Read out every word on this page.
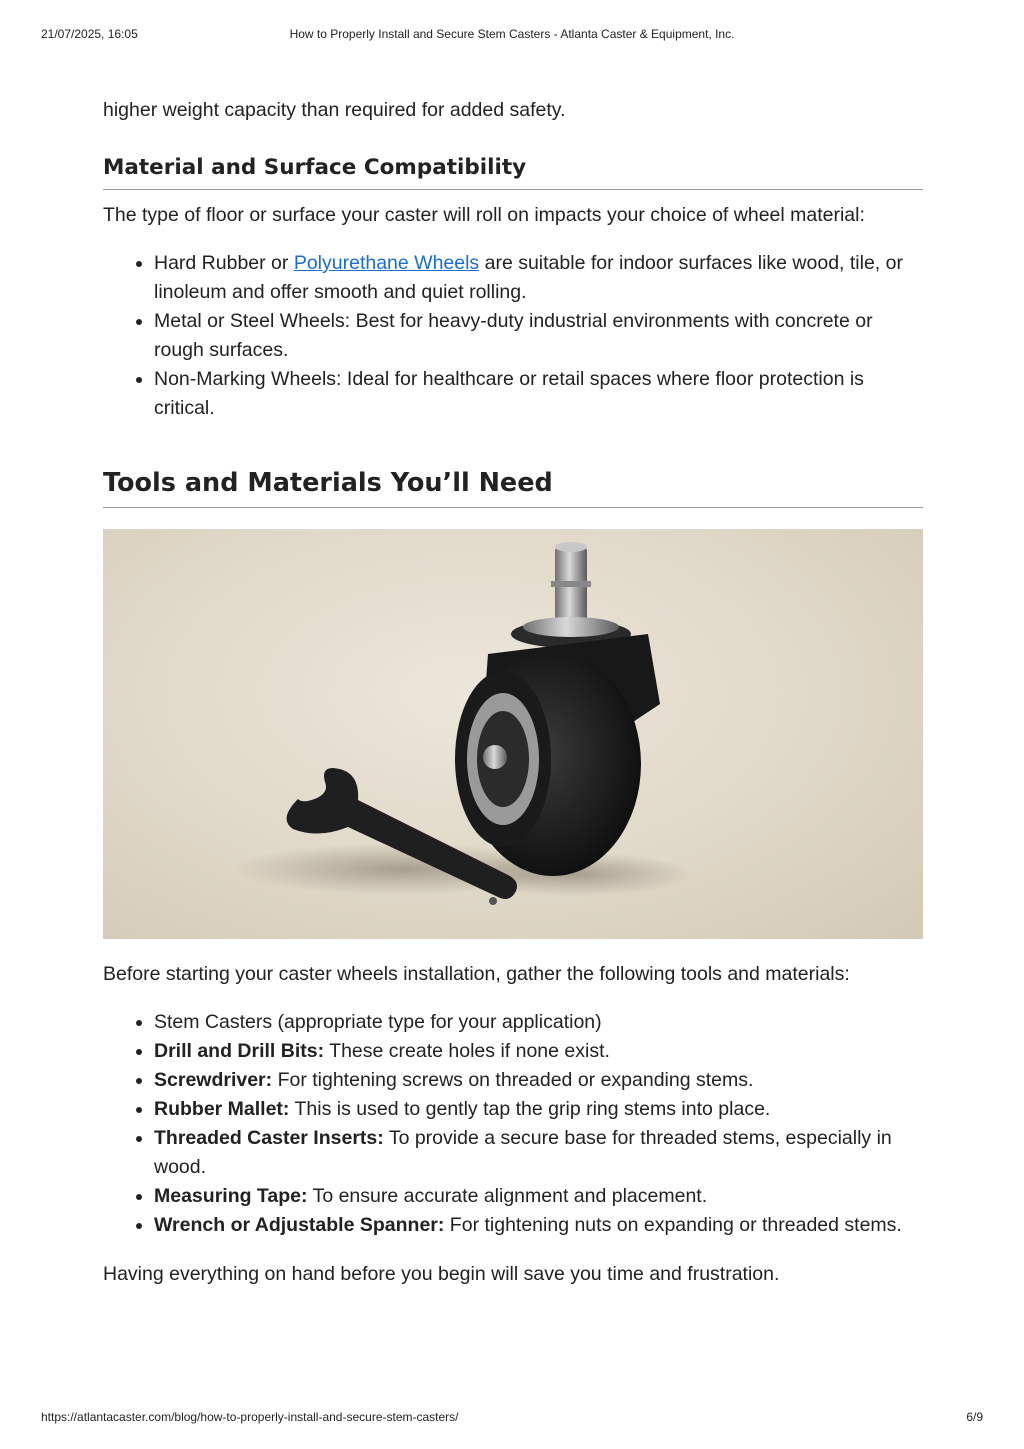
21/07/2025, 16:05	How to Properly Install and Secure Stem Casters - Atlanta Caster & Equipment, Inc.

higher weight capacity than required for added safety.

Material and Surface Compatibility

The type of floor or surface your caster will roll on impacts your choice of wheel material:

• Hard Rubber or Polyurethane Wheels are suitable for indoor surfaces like wood, tile, or linoleum and offer smooth and quiet rolling.
• Metal or Steel Wheels: Best for heavy-duty industrial environments with concrete or rough surfaces.
• Non-Marking Wheels: Ideal for healthcare or retail spaces where floor protection is critical.
Tools and Materials You’ll Need

Before starting your caster wheels installation, gather the following tools and materials:

• Stem Casters (appropriate type for your application)
• Drill and Drill Bits: These create holes if none exist.
• Screwdriver: For tightening screws on threaded or expanding stems.
• Rubber Mallet: This is used to gently tap the grip ring stems into place.
• Threaded Caster Inserts: To provide a secure base for threaded stems, especially in wood.
• Measuring Tape: To ensure accurate alignment and placement.
• Wrench or Adjustable Spanner: For tightening nuts on expanding or threaded stems.

Having everything on hand before you begin will save you time and frustration.

https://atlantacaster.com/blog/how-to-properly-install-and-secure-stem-casters/	6/9
